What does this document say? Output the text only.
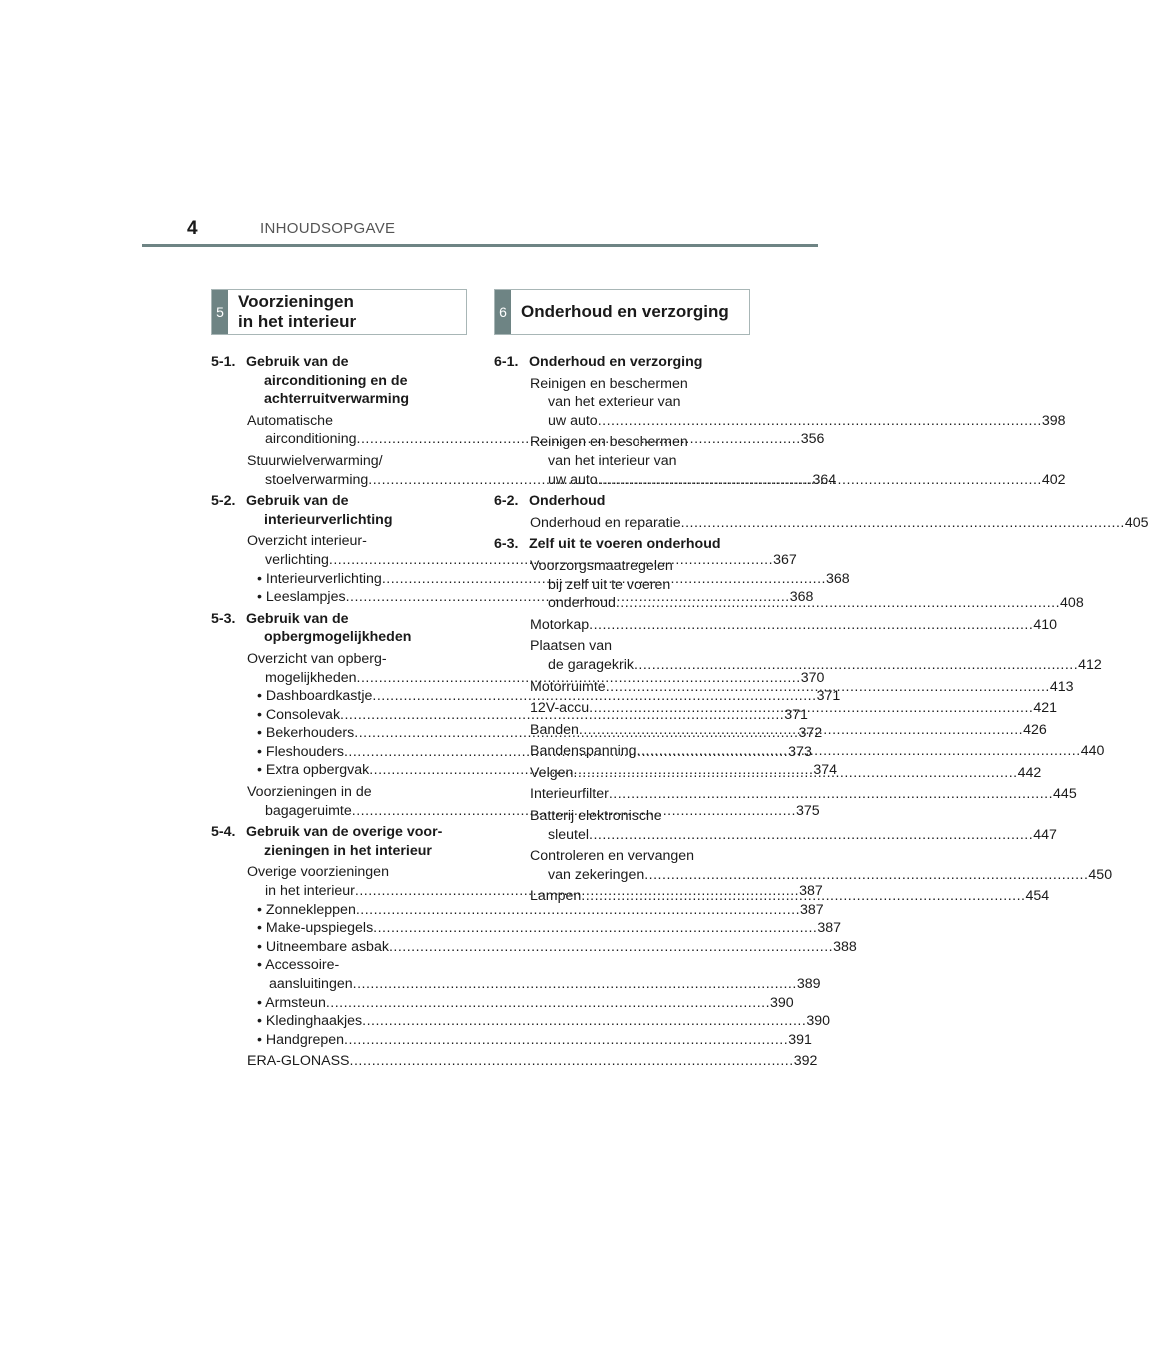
4	INHOUDSOPGAVE
5
Voorzieningen
in het interieur	6 Onderhoud en verzorging
5-1. Gebruik van de
airconditioning en de
achterruitverwarming
Automatische
airconditioning .....	356
Stuurwielverwarming/
stoelverwarming .....	364
5-2. Gebruik van de
interieurverlichting
Overzicht interieur-
verlichting .....	367
• Interieurverlichting .....	368
• Leeslampjes .....	368
5-3. Gebruik van de
opbergmogelijkheden
Overzicht van opberg-
mogelijkheden .....	370
• Dashboardkastje .....	371
• Consolevak .....	371
• Bekerhouders .....	372
• Fleshouders .....	373
• Extra opbergvak .....	374
Voorzieningen in de
bagageruimte .....	375
5-4. Gebruik van de overige voor-
zieningen in het interieur
Overige voorzieningen
in het interieur .....	387
• Zonnekleppen .....	387
• Make-upspiegels .....	387
• Uitneembare asbak .....	388
• Accessoire-
aansluitingen .....	389
• Armsteun .....	390
• Kledinghaakjes .....	390
• Handgrepen .....	391
ERA-GLONASS .....	392
6-1. Onderhoud en verzorging
Reinigen en beschermen
van het exterieur van
uw auto .....	398
Reinigen en beschermen
van het interieur van
uw auto .....	402
6-2. Onderhoud
Onderhoud en reparatie .....	405
6-3. Zelf uit te voeren onderhoud
Voorzorgsmaatregelen
bij zelf uit te voeren
onderhoud .....	408
Motorkap .....	410
Plaatsen van
de garagekrik .....	412
Motorruimte .....	413
12V-accu .....	421
Banden .....	426
Bandenspanning .....	440
Velgen .....	442
Interieurfilter .....	445
Batterij elektronische
sleutel .....	447
Controleren en vervangen
van zekeringen .....	450
Lampen .....	454
